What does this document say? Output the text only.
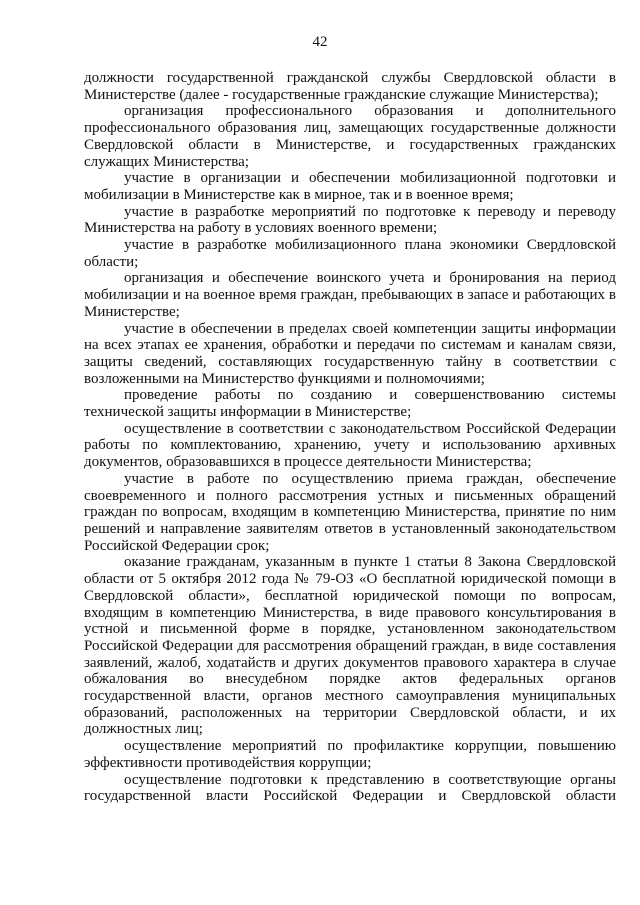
42

должности государственной гражданской службы Свердловской области в Министерстве (далее - государственные гражданские служащие Министерства);

организация профессионального образования и дополнительного профессионального образования лиц, замещающих государственные должности Свердловской области в Министерстве, и государственных гражданских служащих Министерства;

участие в организации и обеспечении мобилизационной подготовки и мобилизации в Министерстве как в мирное, так и в военное время;

участие в разработке мероприятий по подготовке к переводу и переводу Министерства на работу в условиях военного времени;

участие в разработке мобилизационного плана экономики Свердловской области;

организация и обеспечение воинского учета и бронирования на период мобилизации и на военное время граждан, пребывающих в запасе и работающих в Министерстве;

участие в обеспечении в пределах своей компетенции защиты информации на всех этапах ее хранения, обработки и передачи по системам и каналам связи, защиты сведений, составляющих государственную тайну в соответствии с возложенными на Министерство функциями и полномочиями;

проведение работы по созданию и совершенствованию системы технической защиты информации в Министерстве;

осуществление в соответствии с законодательством Российской Федерации работы по комплектованию, хранению, учету и использованию архивных документов, образовавшихся в процессе деятельности Министерства;

участие в работе по осуществлению приема граждан, обеспечение своевременного и полного рассмотрения устных и письменных обращений граждан по вопросам, входящим в компетенцию Министерства, принятие по ним решений и направление заявителям ответов в установленный законодательством Российской Федерации срок;

оказание гражданам, указанным в пункте 1 статьи 8 Закона Свердловской области от 5 октября 2012 года № 79-ОЗ «О бесплатной юридической помощи в Свердловской области», бесплатной юридической помощи по вопросам, входящим в компетенцию Министерства, в виде правового консультирования в устной и письменной форме в порядке, установленном законодательством Российской Федерации для рассмотрения обращений граждан, в виде составления заявлений, жалоб, ходатайств и других документов правового характера в случае обжалования во внесудебном порядке актов федеральных органов государственной власти, органов местного самоуправления муниципальных образований, расположенных на территории Свердловской области, и их должностных лиц;

осуществление мероприятий по профилактике коррупции, повышению эффективности противодействия коррупции;

осуществление подготовки к представлению в соответствующие органы государственной власти Российской Федерации и Свердловской области
